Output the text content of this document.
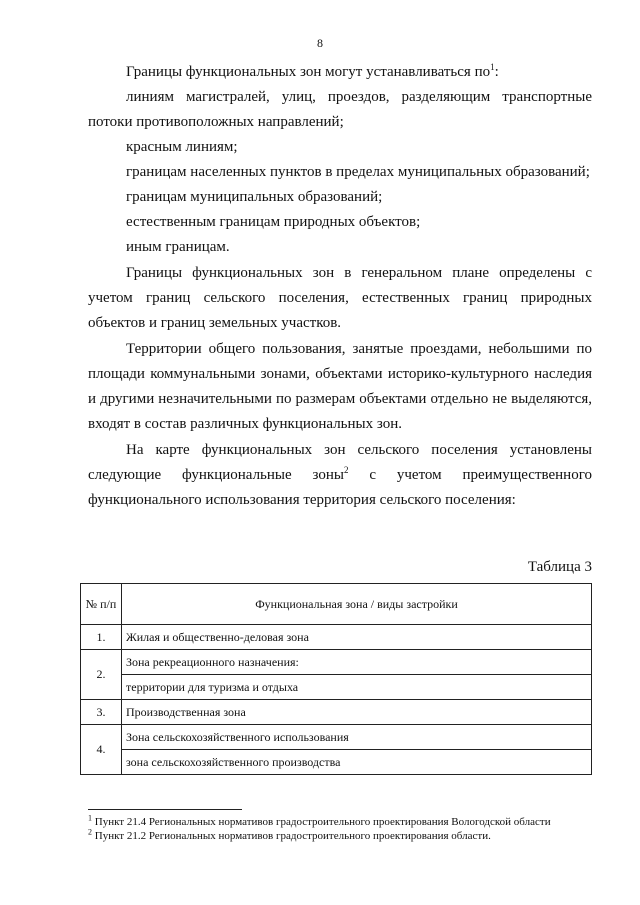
8

Границы функциональных зон могут устанавливаться $по^1$:

линиям магистралей, улиц, проездов, разделяющим транспортные потоки противоположных направлений;

красным линиям;

границам населенных пунктов в пределах муниципальных образований;

границам муниципальных образований;

естественным границам природных объектов;

иным границам.

Границы функциональных зон в генеральном плане определены с учетом границ сельского поселения, естественных границ природных объектов и границ земельных участков.

Территории общего пользования, занятые проездами, небольшими по площади коммунальными зонами, объектами историко-культурного наследия и другими незначительными по размерам объектами отдельно не выделяются, входят в состав различных функциональных зон.

На карте функциональных зон сельского поселения установлены следующие функциональные зоны$^2$ с учетом преимущественного функционального использования территория сельского поселения:

Таблица 3
№ п/п	Функциональная зона / виды застройки
1.	Жилая и общественно-деловая зона
2.	Зона рекреационного назначения:
	территории для туризма и отдыха
3.	Производственная зона
4.	Зона сельскохозяйственного использования
	зона сельскохозяйственного производства
$^1$ Пункт 21.4 Региональных нормативов градостроительного проектирования Вологодской области
$^2$ Пункт 21.2 Региональных нормативов градостроительного проектирования области.
